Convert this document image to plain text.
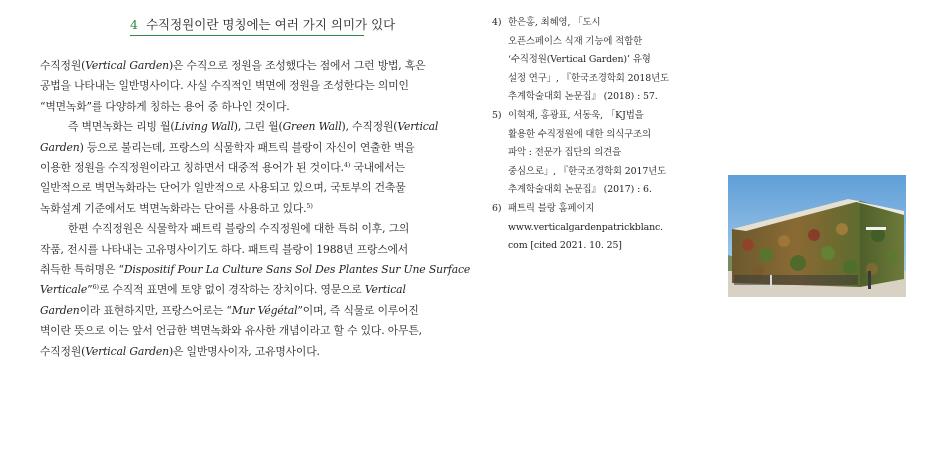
4 수직정원이란 명칭에는 여러 가지 의미가 있다

수직정원(Vertical Garden)은 수직으로 정원을 조성했다는 점에서 그런 방법, 혹은

공법을 나타내는 일반명사이다. 사실 수직적인 벽면에 정원을 조성한다는 의미인

“벽면녹화”를 다양하게 칭하는 용어 중 하나인 것이다.

즉 벽면녹화는 리빙 월(Living Wall), 그린 월(Green Wall), 수직정원(Vertical

Garden) 등으로 불리는데, 프랑스의 식물학자 패트릭 블랑이 자신이 연출한 벽을

이용한 정원을 수직정원이라고 칭하면서 대중적 용어가 된 것이다.$^{4)}$ 국내에서는

일반적으로 벽면녹화라는 단어가 일반적으로 사용되고 있으며, 국토부의 건축물

녹화설계 기준에서도 벽면녹화라는 단어를 사용하고 있다.$^{5)}$

한편 수직정원은 식물학자 패트릭 블랑의 수직정원에 대한 특허 이후, 그의

작품, 전시를 나타내는 고유명사이기도 하다. 패트릭 블랑이 1988년 프랑스에서

취득한 특허명은 “Dispositif Pour La Culture Sans Sol Des Plantes Sur Une Surface

Verticale”$^{6)}$로 수직적 표면에 토양 없이 경작하는 장치이다. 영문으로 Vertical

Garden이라 표현하지만, 프랑스어로는 “Mur Végétal”이며, 즉 식물로 이루어진

벽이란 뜻으로 이는 앞서 언급한 벽면녹화와 유사한 개념이라고 할 수 있다. 아무튼,

수직정원(Vertical Garden)은 일반명사이자, 고유명사이다.

4) 한은홍, 최혜영, 「도시
오픈스페이스 식재 기능에 적합한
‘수직정원(Vertical Garden)’ 유형
설정 연구」, 『한국조경학회 2018년도
추계학술대회 논문집』 (2018) : 57.
5) 이혁재, 홍광표, 서동욱, 「KJ법을
활용한 수직정원에 대한 의식구조의
파악 : 전문가 집단의 의견을
중심으로」, 『한국조경학회 2017년도
추계학술대회 논문집』 (2017) : 6.
6) 패트릭 블랑 홈페이지
www.verticalgardenpatrickblanc.
com [cited 2021. 10. 25]
